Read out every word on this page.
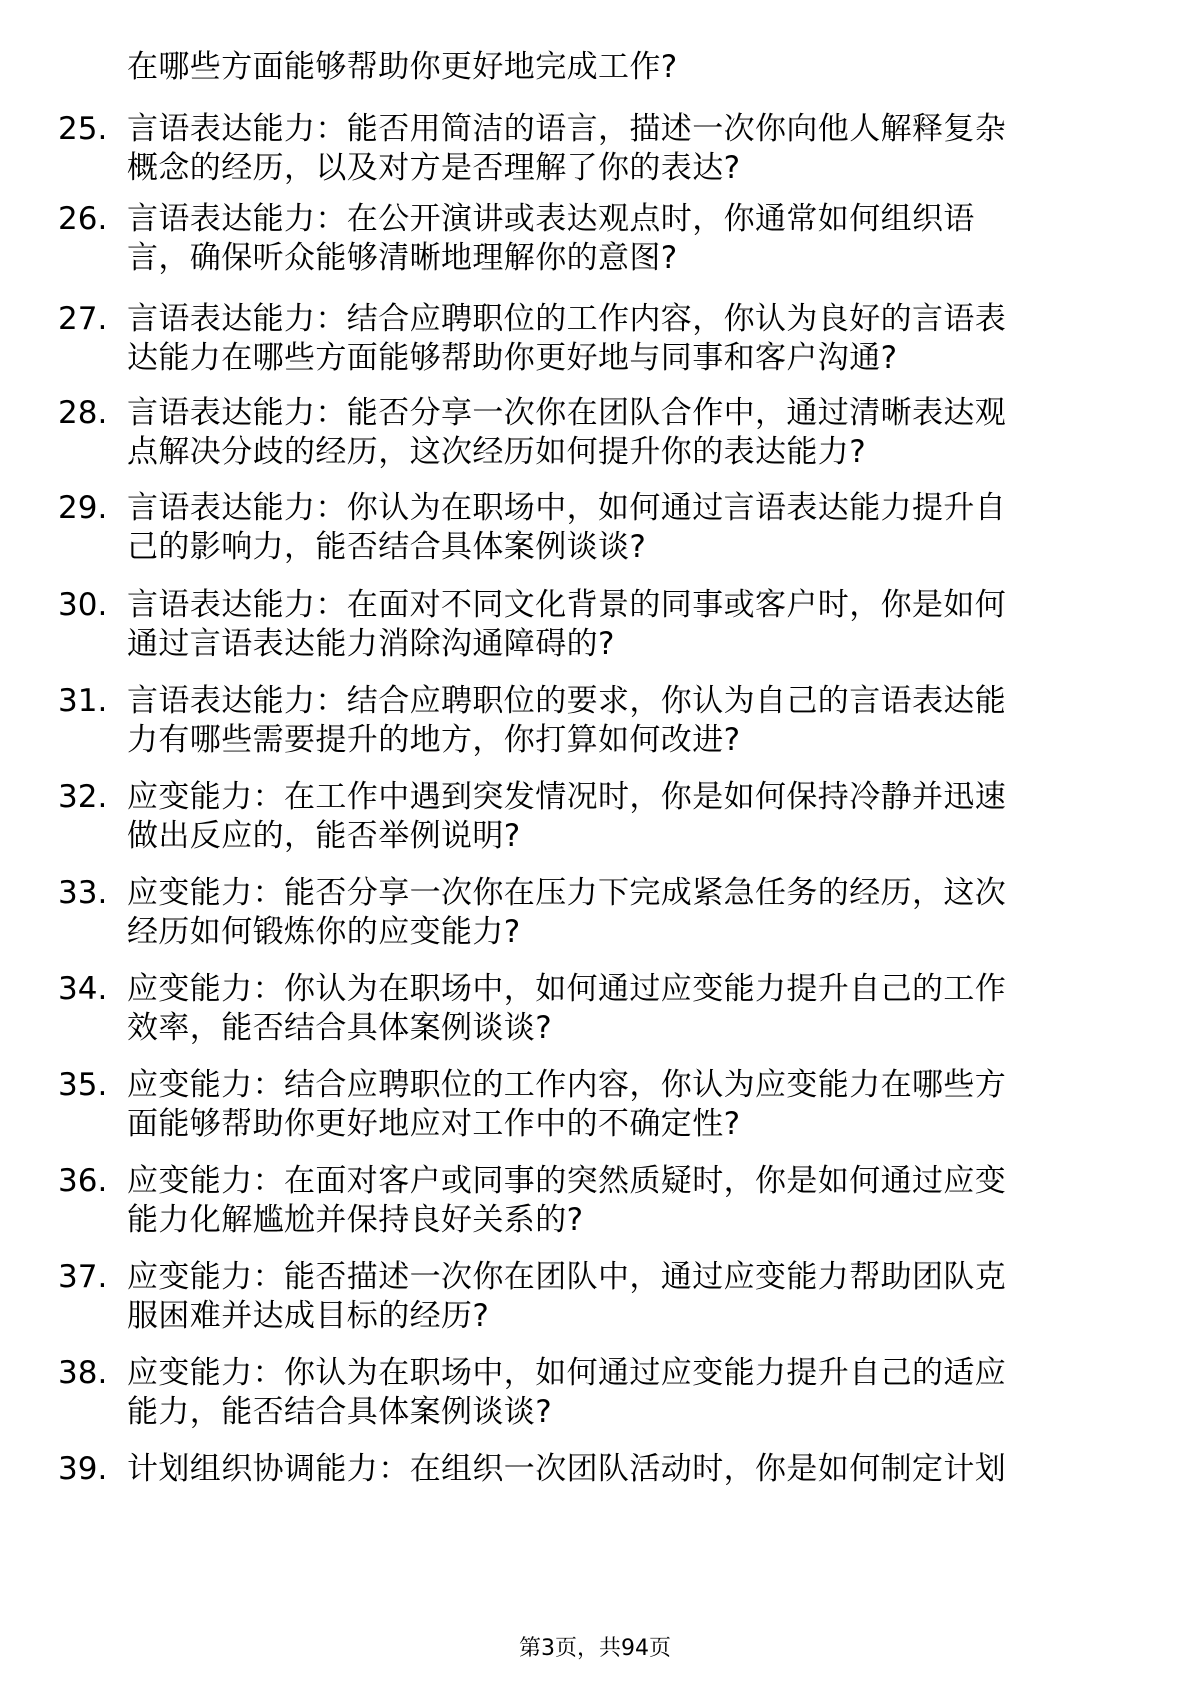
在哪些方面能够帮助你更好地完成工作?
25. 言语表达能力：能否用简洁的语言，描述一次你向他人解释复杂
概念的经历，以及对方是否理解了你的表达?
26. 言语表达能力：在公开演讲或表达观点时，你通常如何组织语
言，确保听众能够清晰地理解你的意图?
27. 言语表达能力：结合应聘职位的工作内容，你认为良好的言语表
达能力在哪些方面能够帮助你更好地与同事和客户沟通?
28. 言语表达能力：能否分享一次你在团队合作中，通过清晰表达观
点解决分歧的经历，这次经历如何提升你的表达能力?
29. 言语表达能力：你认为在职场中，如何通过言语表达能力提升自
己的影响力，能否结合具体案例谈谈?
30. 言语表达能力：在面对不同文化背景的同事或客户时，你是如何
通过言语表达能力消除沟通障碍的?
31. 言语表达能力：结合应聘职位的要求，你认为自己的言语表达能
力有哪些需要提升的地方，你打算如何改进?
32. 应变能力：在工作中遇到突发情况时，你是如何保持冷静并迅速
做出反应的，能否举例说明?
33. 应变能力：能否分享一次你在压力下完成紧急任务的经历，这次
经历如何锻炼你的应变能力?
34. 应变能力：你认为在职场中，如何通过应变能力提升自己的工作
效率，能否结合具体案例谈谈?
35. 应变能力：结合应聘职位的工作内容，你认为应变能力在哪些方
面能够帮助你更好地应对工作中的不确定性?
36. 应变能力：在面对客户或同事的突然质疑时，你是如何通过应变
能力化解尴尬并保持良好关系的?
37. 应变能力：能否描述一次你在团队中，通过应变能力帮助团队克
服困难并达成目标的经历?
38. 应变能力：你认为在职场中，如何通过应变能力提升自己的适应
能力，能否结合具体案例谈谈?
39. 计划组织协调能力：在组织一次团队活动时，你是如何制定计划
第3页，共94页
